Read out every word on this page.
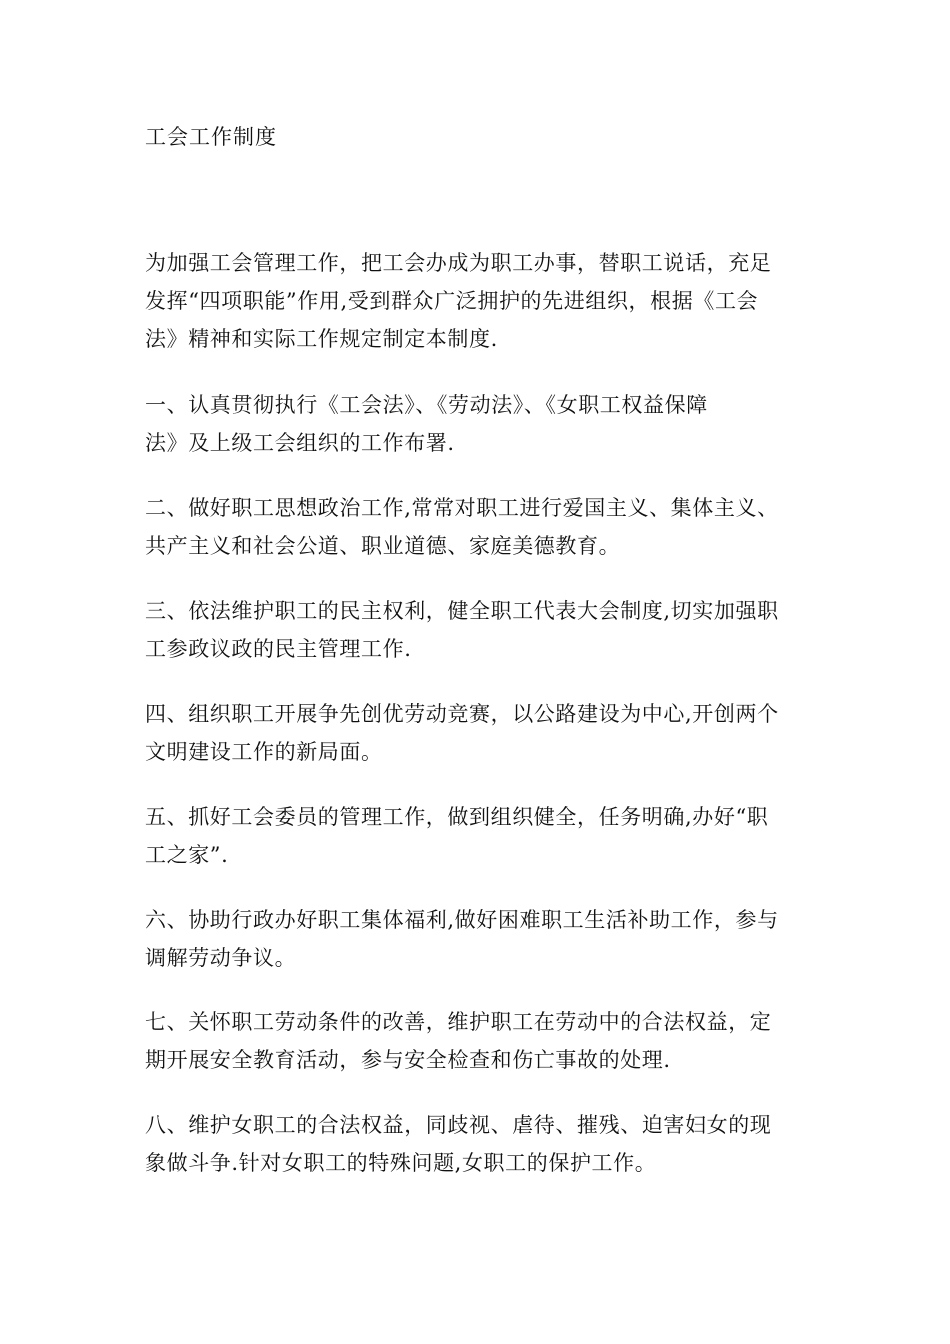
工会工作制度

为加强工会管理工作，把工会办成为职工办事，替职工说话，充足
发挥“四项职能”作用,受到群众广泛拥护的先进组织，根据《工会
法》精神和实际工作规定制定本制度.

一、认真贯彻执行《工会法》、《劳动法》、《女职工权益保障
法》及上级工会组织的工作布署.

二、做好职工思想政治工作,常常对职工进行爱国主义、集体主义、
共产主义和社会公道、职业道德、家庭美德教育。

三、依法维护职工的民主权利，健全职工代表大会制度,切实加强职
工参政议政的民主管理工作.

四、组织职工开展争先创优劳动竞赛，以公路建设为中心,开创两个
文明建设工作的新局面。

五、抓好工会委员的管理工作，做到组织健全，任务明确,办好“职
工之家”.

六、协助行政办好职工集体福利,做好困难职工生活补助工作，参与
调解劳动争议。

七、关怀职工劳动条件的改善，维护职工在劳动中的合法权益，定
期开展安全教育活动，参与安全检查和伤亡事故的处理.

八、维护女职工的合法权益，同歧视、虐待、摧残、迫害妇女的现
象做斗争.针对女职工的特殊问题,女职工的保护工作。
